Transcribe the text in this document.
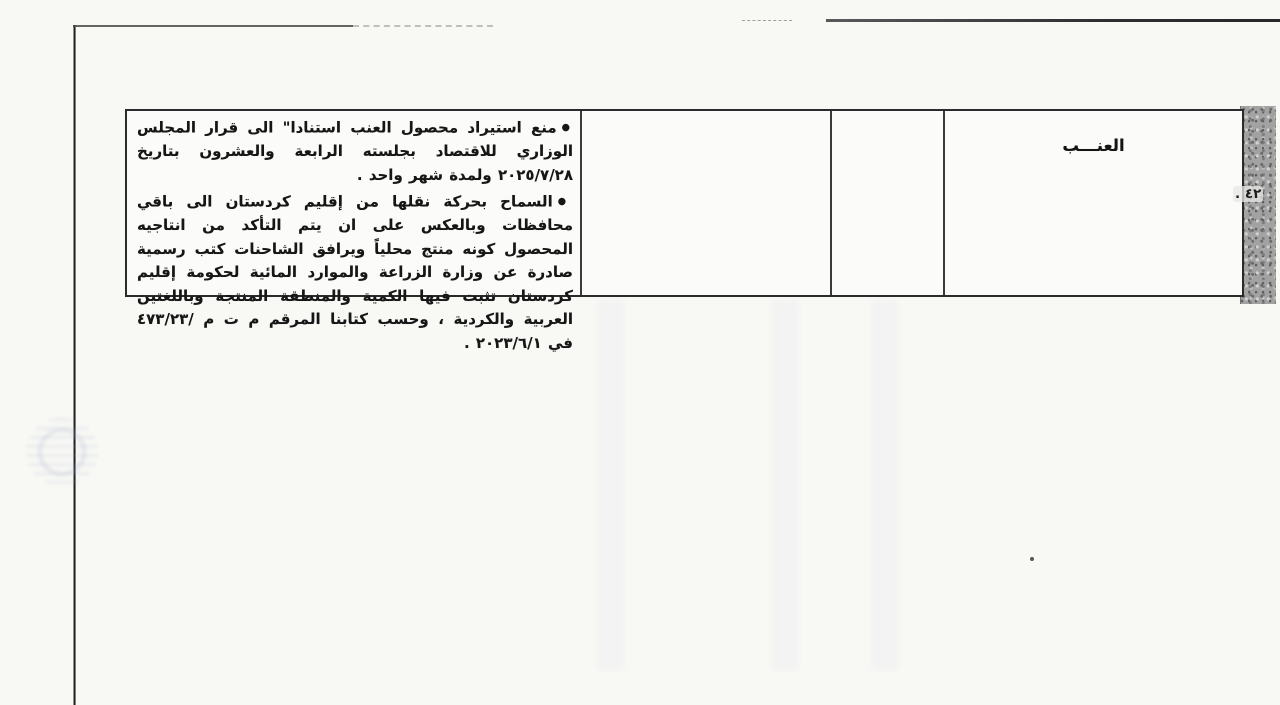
٤٢ .
●منع استيراد محصول العنب استنادا" الى قرار المجلس الوزاري للاقتصاد بجلسته الرابعة والعشرون بتاريخ ٢٠٢٥/٧/٢٨ ولمدة شهر واحد .
●السماح بحركة نقلها من إقليم كردستان الى باقي محافظات وبالعكس على ان يتم التأكد من انتاجيه المحصول كونه منتج محلياً ويرافق الشاحنات كتب رسمية صادرة عن وزارة الزراعة والموارد المائية لحكومة إقليم كردستان تثبت فيها الكمية والمنطقة المنتجة وباللغتين العربية والكردية ، وحسب كتابنا المرقم م ت م /٤٧٣/٢٣ في ٢٠٢٣/٦/١ .
العنـــب
